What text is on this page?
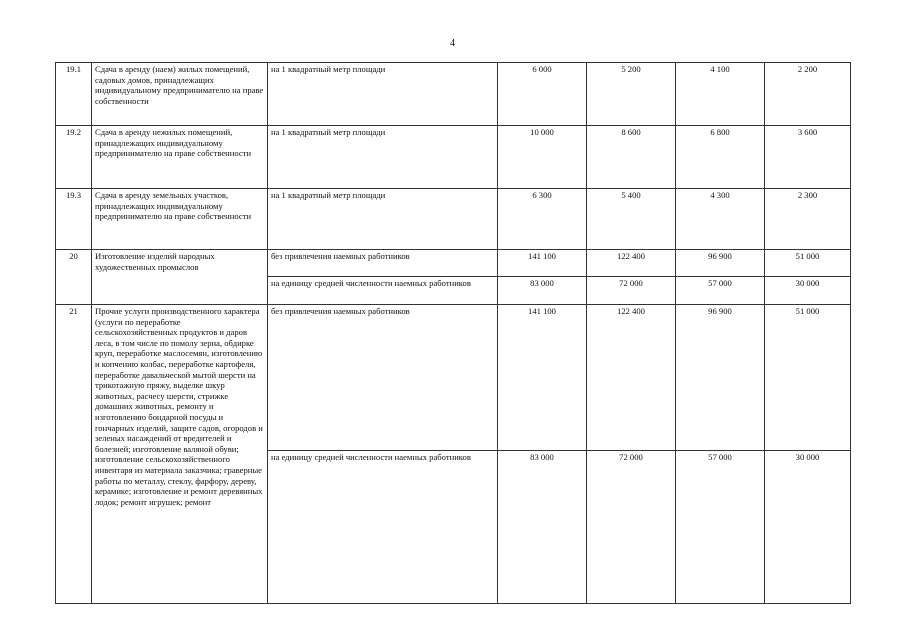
4
19.1	Сдача в аренду (наем) жилых помещений, садовых домов, принадлежащих индивидуальному предпринимателю на праве собственности	на 1 квадратный метр площади	6 000	5 200	4 100	2 200
19.2	Сдача в аренду нежилых помещений, принадлежащих индивидуальному предпринимателю на праве собственности	на 1 квадратный метр площади	10 000	8 600	6 800	3 600
19.3	Сдача в аренду земельных участков, принадлежащих индивидуальному предпринимателю на праве собственности	на 1 квадратный метр площади	6 300	5 400	4 300	2 300
20	Изготовление изделий народных художественных промыслов	без привлечения наемных работников	141 100	122 400	96 900	51 000
		на единицу средней численности наемных работников	83 000	72 000	57 000	30 000
21	Прочие услуги производственного характера (услуги по переработке сельскохозяйственных продуктов и даров леса, в том числе по помолу зерна, обдирке круп, переработке маслосемян, изготовлению и копчению колбас, переработке картофеля, переработке давальческой мытой шерсти на трикотажную пряжу, выделке шкур животных, расчесу шерсти, стрижке домашних животных, ремонту и изготовлению бондарной посуды и гончарных изделий, защите садов, огородов и зеленых насаждений от вредителей и болезней; изготовление валяной обуви; изготовление сельскохозяйственного инвентаря из материала заказчика; граверные работы по металлу, стеклу, фарфору, дереву, керамике; изготовление и ремонт деревянных лодок; ремонт игрушек; ремонт	без привлечения наемных работников	141 100	122 400	96 900	51 000
		на единицу средней численности наемных работников	83 000	72 000	57 000	30 000
